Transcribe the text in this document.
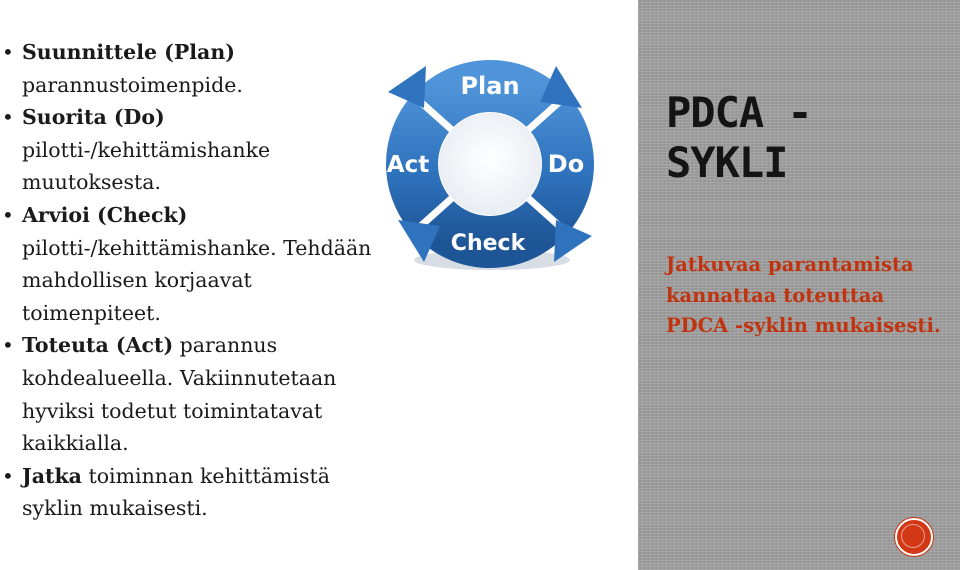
• Suunnittele (Plan) parannustoimenpide.
• Suorita (Do) pilotti-/kehittämishanke muutoksesta.
• Arvioi (Check) pilotti-/kehittämishanke. Tehdään mahdollisen korjaavat toimenpiteet.
• Toteuta (Act) parannus kohdealueella. Vakiinnutetaan hyviksi todetut toimintatavat kaikkialla.
• Jatka toiminnan kehittämistä syklin mukaisesti.
Plan
Do
Check
Act
PDCA -
SYKLI
Jatkuvaa parantamista kannattaa toteuttaa PDCA -syklin mukaisesti.
